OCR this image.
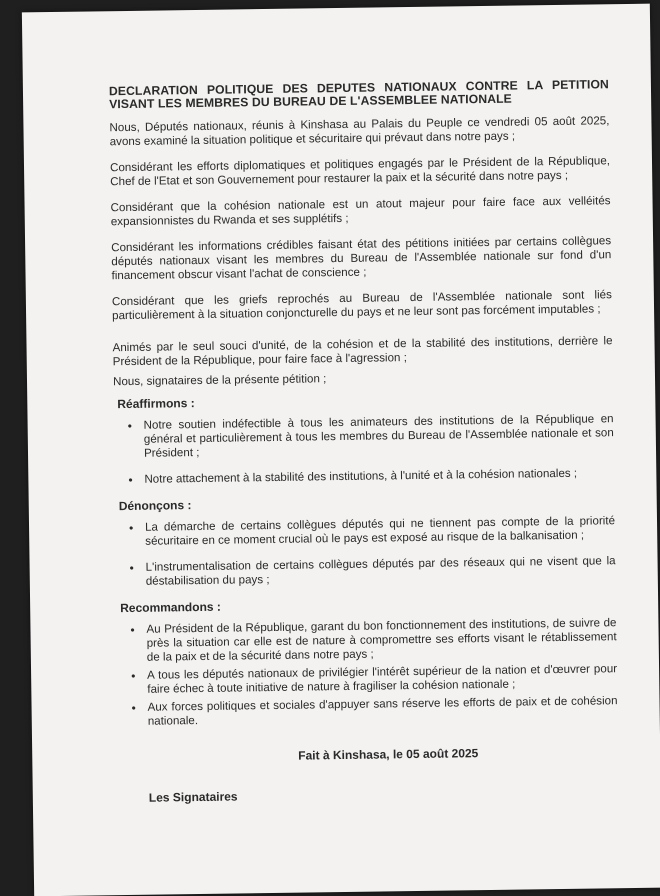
DECLARATION POLITIQUE DES DEPUTES NATIONAUX CONTRE LA PETITION VISANT LES MEMBRES DU BUREAU DE L'ASSEMBLEE NATIONALE
Nous, Députés nationaux, réunis à Kinshasa au Palais du Peuple ce vendredi 05 août 2025, avons examiné la situation politique et sécuritaire qui prévaut dans notre pays ;
Considérant les efforts diplomatiques et politiques engagés par le Président de la République, Chef de l'Etat et son Gouvernement pour restaurer la paix et la sécurité dans notre pays ;
Considérant que la cohésion nationale est un atout majeur pour faire face aux velléités expansionnistes du Rwanda et ses supplétifs ;
Considérant les informations crédibles faisant état des pétitions initiées par certains collègues députés nationaux visant les membres du Bureau de l'Assemblée nationale sur fond d'un financement obscur visant l'achat de conscience ;
Considérant que les griefs reprochés au Bureau de l'Assemblée nationale sont liés particulièrement à la situation conjoncturelle du pays et ne leur sont pas forcément imputables ;
Animés par le seul souci d'unité, de la cohésion et de la stabilité des institutions, derrière le Président de la République, pour faire face à l'agression ;
Nous, signataires de la présente pétition ;
Réaffirmons :
• Notre soutien indéfectible à tous les animateurs des institutions de la République en général et particulièrement à tous les membres du Bureau de l'Assemblée nationale et son Président ;
• Notre attachement à la stabilité des institutions, à l'unité et à la cohésion nationales ;
Dénonçons :
• La démarche de certains collègues députés qui ne tiennent pas compte de la priorité sécuritaire en ce moment crucial où le pays est exposé au risque de la balkanisation ;
• L'instrumentalisation de certains collègues députés par des réseaux qui ne visent que la déstabilisation du pays ;
Recommandons :
• Au Président de la République, garant du bon fonctionnement des institutions, de suivre de près la situation car elle est de nature à compromettre ses efforts visant le rétablissement de la paix et de la sécurité dans notre pays ;
• A tous les députés nationaux de privilégier l'intérêt supérieur de la nation et d'œuvrer pour faire échec à toute initiative de nature à fragiliser la cohésion nationale ;
• Aux forces politiques et sociales d'appuyer sans réserve les efforts de paix et de cohésion nationale.
Fait à Kinshasa, le 05 août 2025
Les Signataires
